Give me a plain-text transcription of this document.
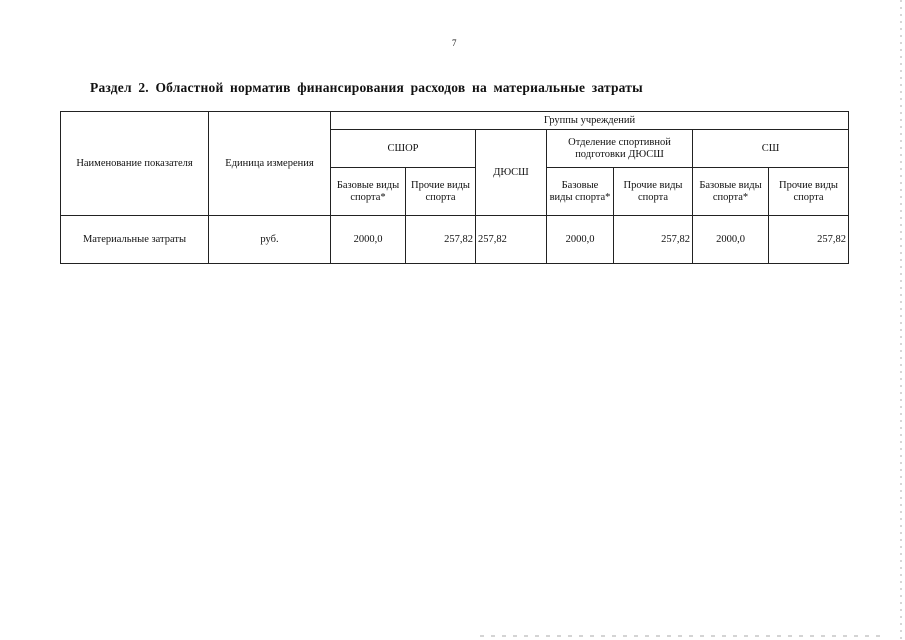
7
Раздел 2. Областной норматив финансирования расходов на материальные затраты
Наименование показателя	Единица измерения	Группы учреждений						
		СШОР		ДЮСШ	Отделение спортивной подготовки ДЮСШ		СШ	
		Базовые виды спорта*	Прочие виды спорта		Базовые виды спорта*	Прочие виды спорта	Базовые виды спорта*	Прочие виды спорта
Материальные затраты	руб.	2000,0	257,82	257,82	2000,0	257,82	2000,0	257,82
